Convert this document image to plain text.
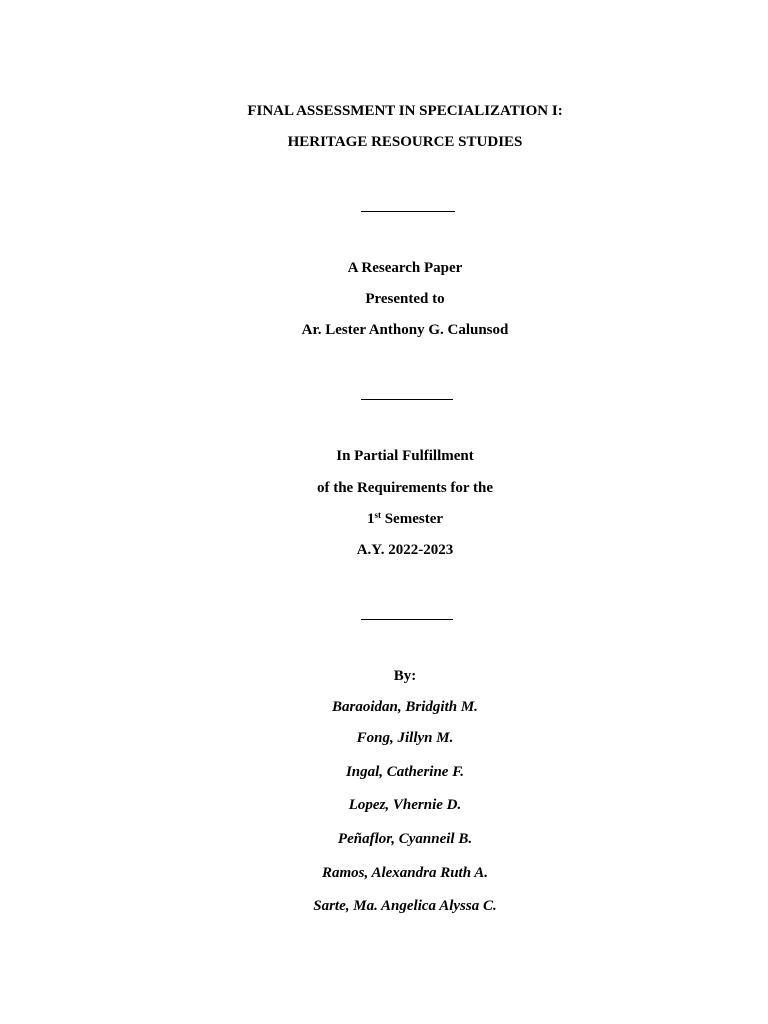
FINAL ASSESSMENT IN SPECIALIZATION I:
HERITAGE RESOURCE STUDIES
A Research Paper
Presented to
Ar. Lester Anthony G. Calunsod
In Partial Fulfillment
of the Requirements for the
1st Semester
A.Y. 2022-2023
By:
Baraoidan, Bridgith M.
Fong, Jillyn M.
Ingal, Catherine F.
Lopez, Vhernie D.
Peñaflor, Cyanneil B.
Ramos, Alexandra Ruth A.
Sarte, Ma. Angelica Alyssa C.
